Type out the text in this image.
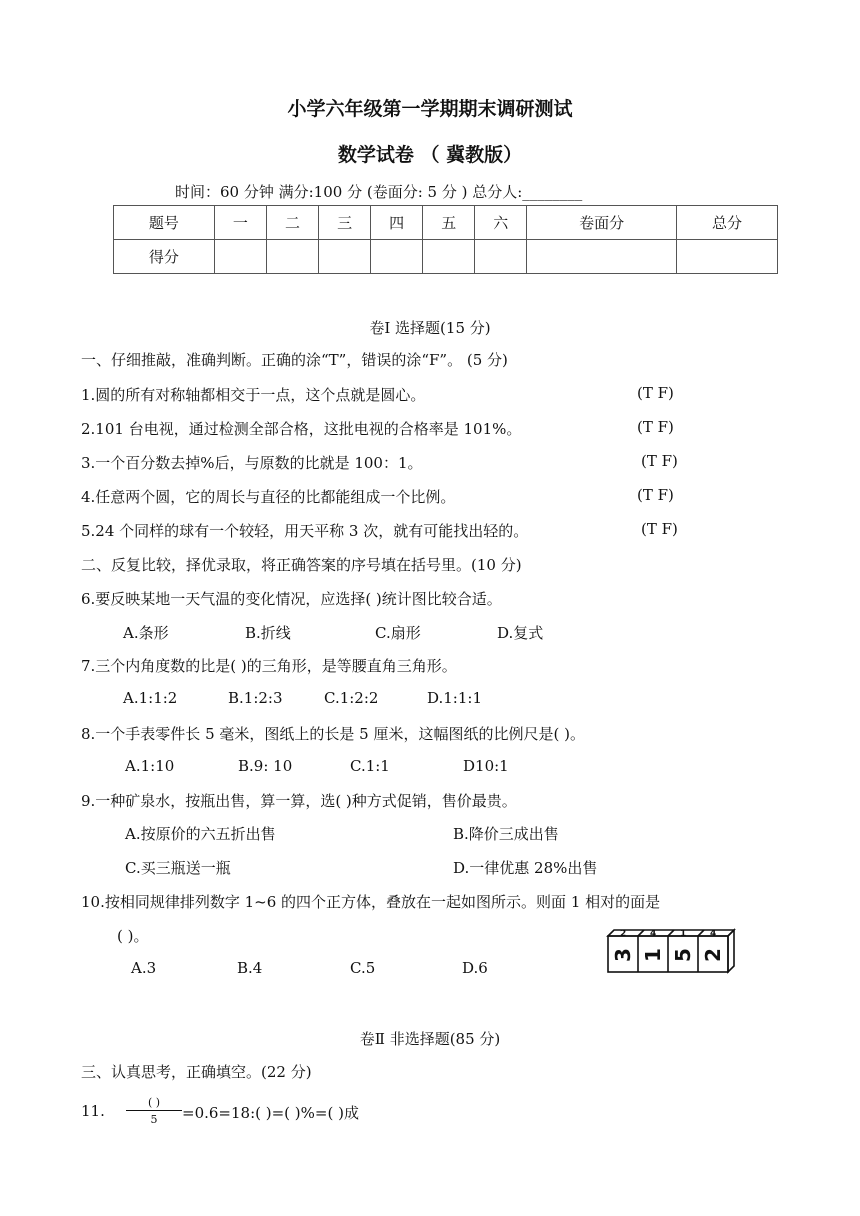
小学六年级第一学期期末调研测试
数学试卷 （ 冀教版）
时间：60 分钟 满分:100 分 (卷面分: 5 分 ) 总分人:________
题号	一	二	三	四	五	六	卷面分	总分
得分								
卷Ⅰ 选择题(15 分)
一、仔细推敲，准确判断。正确的涂“T”，错误的涂“F”。 (5 分)
1.圆的所有对称轴都相交于一点，这个点就是圆心。	(T F)
2.101 台电视，通过检测全部合格，这批电视的合格率是 101%。	(T F)
3.一个百分数去掉%后，与原数的比就是 100：1。	(T F)
4.任意两个圆，它的周长与直径的比都能组成一个比例。	(T F)
5.24 个同样的球有一个较轻，用天平称 3 次，就有可能找出轻的。	(T F)
二、反复比较，择优录取，将正确答案的序号填在括号里。(10 分)
6.要反映某地一天气温的变化情况，应选择( )统计图比较合适。
A.条形	B.折线	C.扇形	D.复式
7.三个内角度数的比是( )的三角形，是等腰直角三角形。
A.1:1:2	B.1:2:3	C.1:2:2	D.1:1:1
8.一个手表零件长 5 毫米，图纸上的长是 5 厘米，这幅图纸的比例尺是( )。
A.1:10	B.9: 10	C.1:1	D10:1
9.一种矿泉水，按瓶出售，算一算，选( )种方式促销，售价最贵。
A.按原价的六五折出售	B.降价三成出售
C.买三瓶送一瓶	D.一律优惠 28%出售
10.按相同规律排列数字 1~6 的四个正方体，叠放在一起如图所示。则面 1 相对的面是
( )。
A.3	B.4	C.5	D.6
2	4	1	4
3 1 5 2
卷Ⅱ 非选择题(85 分)
三、认真思考，正确填空。(22 分)
11.	( )
5	=0.6=18:( )=( )%=( )成
